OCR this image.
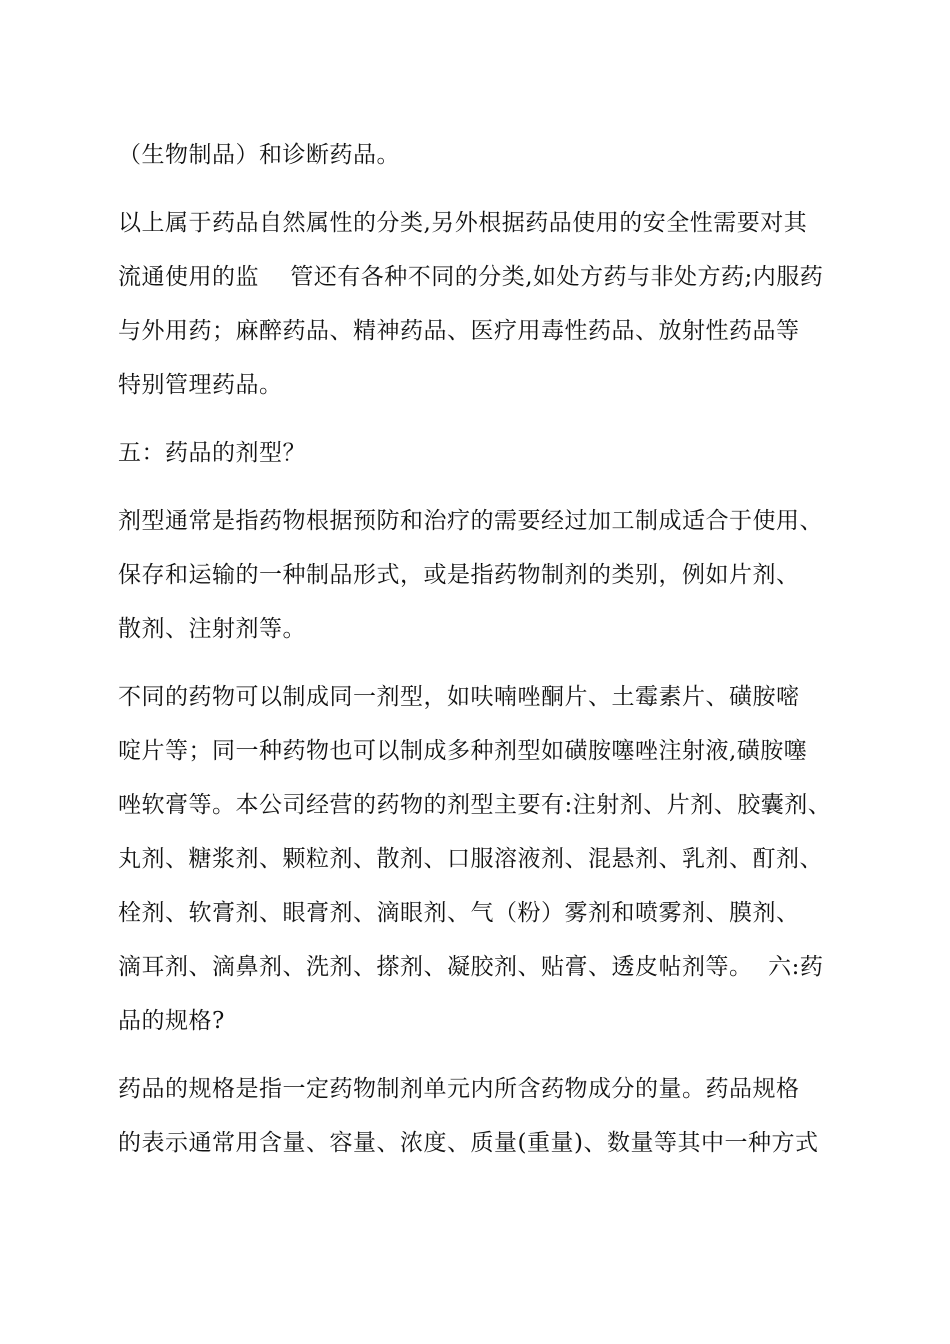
（生物制品）和诊断药品。

以上属于药品自然属性的分类,另外根据药品使用的安全性需要对其
流通使用的监    管还有各种不同的分类,如处方药与非处方药;内服药
与外用药；麻醉药品、精神药品、医疗用毒性药品、放射性药品等
特别管理药品。

五：药品的剂型？

剂型通常是指药物根据预防和治疗的需要经过加工制成适合于使用、
保存和运输的一种制品形式，或是指药物制剂的类别，例如片剂、
散剂、注射剂等。

不同的药物可以制成同一剂型，如呋喃唑酮片、土霉素片、磺胺嘧
啶片等；同一种药物也可以制成多种剂型如磺胺噻唑注射液,磺胺噻
唑软膏等。本公司经营的药物的剂型主要有:注射剂、片剂、胶囊剂、
丸剂、糖浆剂、颗粒剂、散剂、口服溶液剂、混悬剂、乳剂、酊剂、
栓剂、软膏剂、眼膏剂、滴眼剂、气（粉）雾剂和喷雾剂、膜剂、
滴耳剂、滴鼻剂、洗剂、搽剂、凝胶剂、贴膏、透皮帖剂等。  六:药
品的规格?

药品的规格是指一定药物制剂单元内所含药物成分的量。药品规格
的表示通常用含量、容量、浓度、质量(重量)、数量等其中一种方式
